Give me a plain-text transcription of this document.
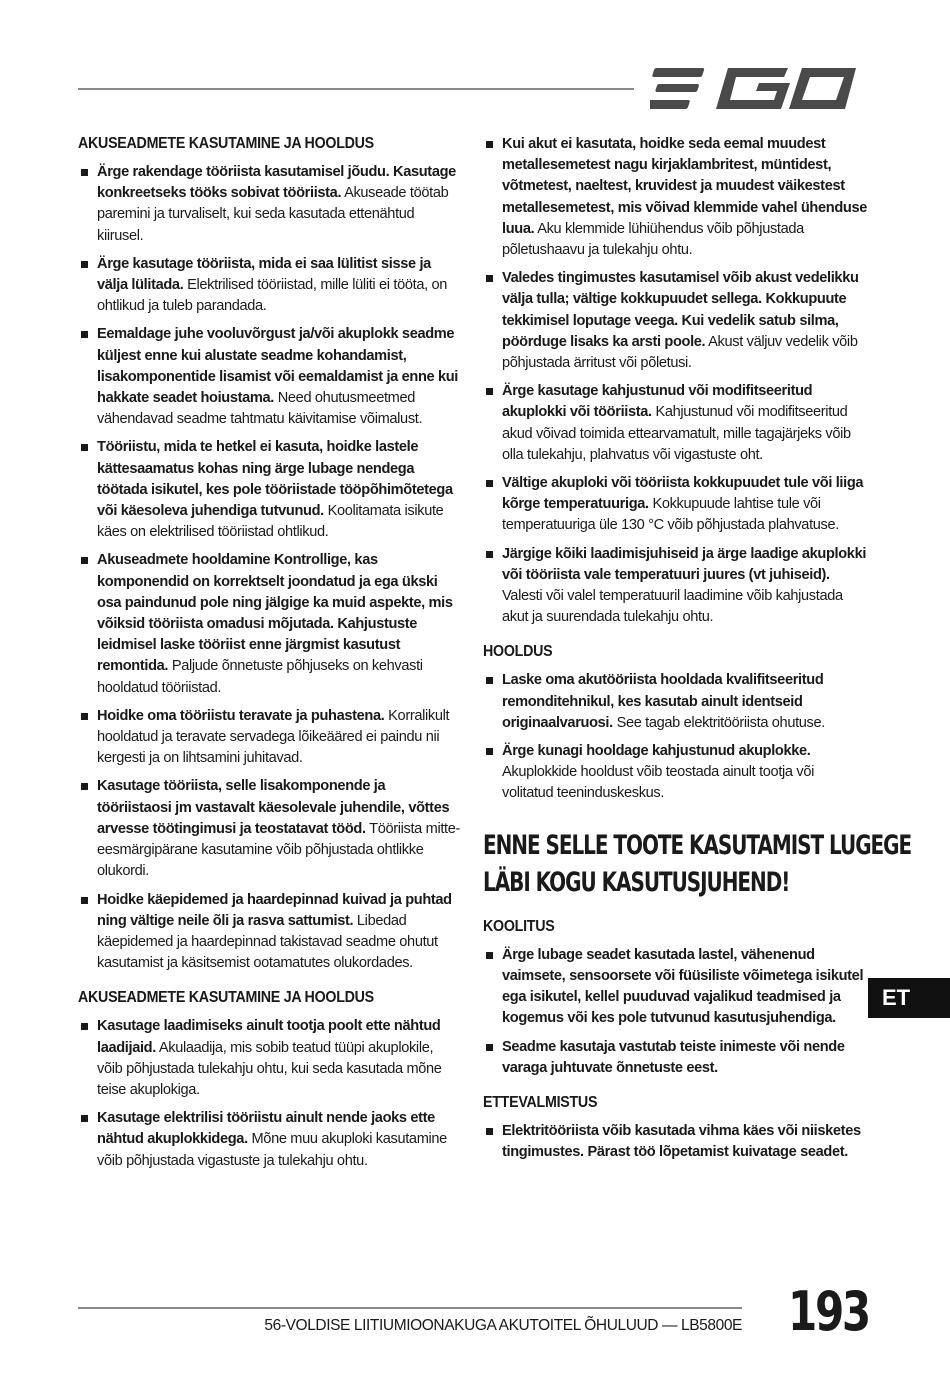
AKUSEADMETE KASUTAMINE JA HOOLDUS
Ärge rakendage tööriista kasutamisel jõudu. Kasutage konkreetseks tööks sobivat tööriista. Akuseade töötab paremini ja turvaliselt, kui seda kasutada ettenähtud kiirusel.
Ärge kasutage tööriista, mida ei saa lülitist sisse ja välja lülitada. Elektrilised tööriistad, mille lüliti ei tööta, on ohtlikud ja tuleb parandada.
Eemaldage juhe vooluvõrgust ja/või akuplokk seadme küljest enne kui alustate seadme kohandamist, lisakomponentide lisamist või eemaldamist ja enne kui hakkate seadet hoiustama. Need ohutusmeetmed vähendavad seadme tahtmatu käivitamise võimalust.
Tööriistu, mida te hetkel ei kasuta, hoidke lastele kättesaamatus kohas ning ärge lubage nendega töötada isikutel, kes pole tööriistade tööpõhimõtetega või käesoleva juhendiga tutvunud. Koolitamata isikute käes on elektrilised tööriistad ohtlikud.
Akuseadmete hooldamine Kontrollige, kas komponendid on korrektselt joondatud ja ega ükski osa paindunud pole ning jälgige ka muid aspekte, mis võiksid tööriista omadusi mõjutada. Kahjustuste leidmisel laske tööriist enne järgmist kasutust remontida. Paljude õnnetuste põhjuseks on kehvasti hooldatud tööriistad.
Hoidke oma tööriistu teravate ja puhastena. Korralikult hooldatud ja teravate servadega lõikeääred ei paindu nii kergesti ja on lihtsamini juhitavad.
Kasutage tööriista, selle lisakomponende ja tööriistaosi jm vastavalt käesolevale juhendile, võttes arvesse töötingimusi ja teostatavat tööd. Tööriista mitte-eesmärgipärane kasutamine võib põhjustada ohtlikke olukordi.
Hoidke käepidemed ja haardepinnad kuivad ja puhtad ning vältige neile õli ja rasva sattumist. Libedad käepidemed ja haardepinnad takistavad seadme ohutut kasutamist ja käsitsemist ootamatutes olukordades.
AKUSEADMETE KASUTAMINE JA HOOLDUS
Kasutage laadimiseks ainult tootja poolt ette nähtud laadijaid. Akulaadija, mis sobib teatud tüüpi akuplokile, võib põhjustada tulekahju ohtu, kui seda kasutada mõne teise akuplokiga.
Kasutage elektrilisi tööriistu ainult nende jaoks ette nähtud akuplokkidega. Mõne muu akuploki kasutamine võib põhjustada vigastuste ja tulekahju ohtu.
Kui akut ei kasutata, hoidke seda eemal muudest metallesemetest nagu kirjaklambritest, müntidest, võtmetest, naeltest, kruvidest ja muudest väikestest metallesemetest, mis võivad klemmide vahel ühenduse luua. Aku klemmide lühiühendus võib põhjustada põletushaavu ja tulekahju ohtu.
Valedes tingimustes kasutamisel võib akust vedelikku välja tulla; vältige kokkupuudet sellega. Kokkupuute tekkimisel loputage veega. Kui vedelik satub silma, pöörduge lisaks ka arsti poole. Akust väljuv vedelik võib põhjustada ärritust või põletusi.
Ärge kasutage kahjustunud või modifitseeritud akuplokki või tööriista. Kahjustunud või modifitseeritud akud võivad toimida ettearvamatult, mille tagajärjeks võib olla tulekahju, plahvatus või vigastuste oht.
Vältige akuploki või tööriista kokkupuudet tule või liiga kõrge temperatuuriga. Kokkupuude lahtise tule või temperatuuriga üle 130 °C võib põhjustada plahvatuse.
Järgige kõiki laadimisjuhiseid ja ärge laadige akuplokki või tööriista vale temperatuuri juures (vt juhiseid). Valesti või valel temperatuuril laadimine võib kahjustada akut ja suurendada tulekahju ohtu.
HOOLDUS
Laske oma akutööriista hooldada kvalifitseeritud remonditehnikul, kes kasutab ainult identseid originaalvaruosi. See tagab elektritööriista ohutuse.
Ärge kunagi hooldage kahjustunud akuplokke. Akuplokkide hooldust võib teostada ainult tootja või volitatud teeninduskeskus.
ENNE SELLE TOOTE KASUTAMIST LUGEGE
LÄBI KOGU KASUTUSJUHEND!
KOOLITUS
Ärge lubage seadet kasutada lastel, vähenenud vaimsete, sensoorsete või füüsiliste võimetega isikutel ega isikutel, kellel puuduvad vajalikud teadmised ja kogemus või kes pole tutvunud kasutusjuhendiga.
Seadme kasutaja vastutab teiste inimeste või nende varaga juhtuvate õnnetuste eest.
ETTEVALMISTUS
Elektritööriista võib kasutada vihma käes või niisketes tingimustes. Pärast töö lõpetamist kuivatage seadet.
ET
56-VOLDISE LIITIUMIOONAKUGA AKUTOITEL ÕHULUUD — LB5800E 193
